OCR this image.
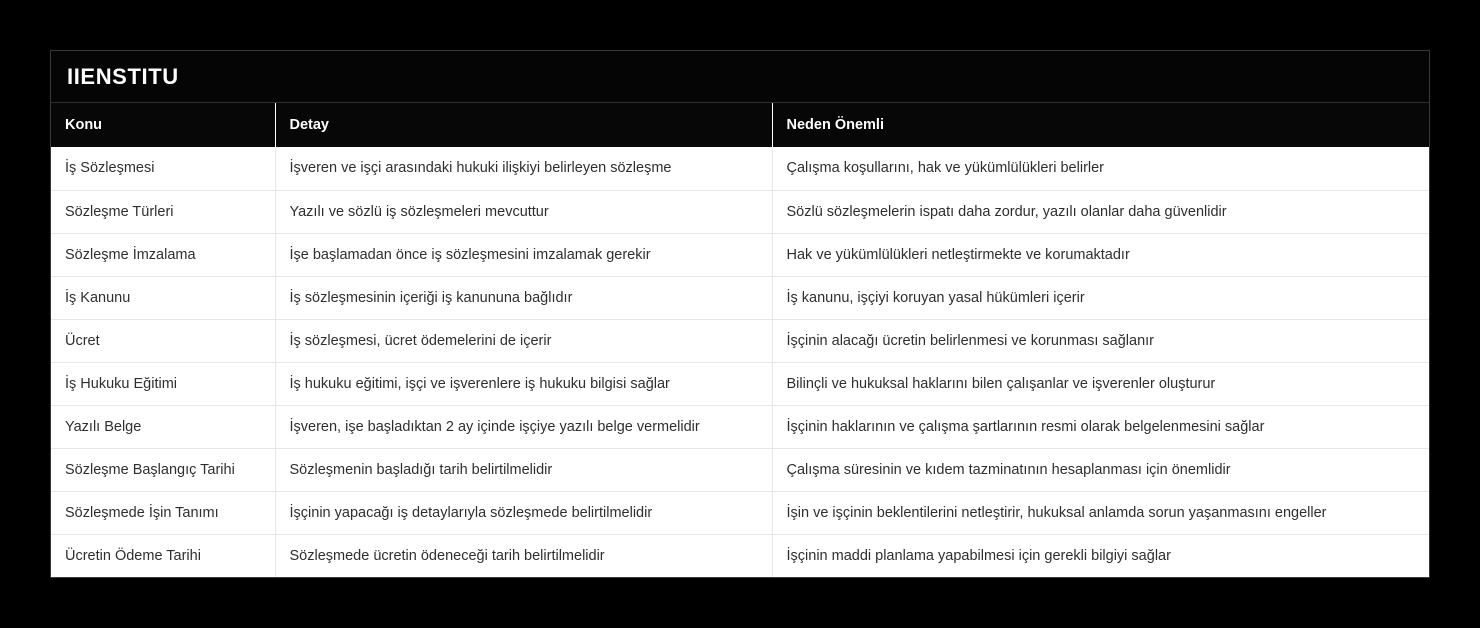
IIENSTITU
Konu	Detay	Neden Önemli
İş Sözleşmesi	İşveren ve işçi arasındaki hukuki ilişkiyi belirleyen sözleşme	Çalışma koşullarını, hak ve yükümlülükleri belirler
Sözleşme Türleri	Yazılı ve sözlü iş sözleşmeleri mevcuttur	Sözlü sözleşmelerin ispatı daha zordur, yazılı olanlar daha güvenlidir
Sözleşme İmzalama	İşe başlamadan önce iş sözleşmesini imzalamak gerekir	Hak ve yükümlülükleri netleştirmekte ve korumaktadır
İş Kanunu	İş sözleşmesinin içeriği iş kanununa bağlıdır	İş kanunu, işçiyi koruyan yasal hükümleri içerir
Ücret	İş sözleşmesi, ücret ödemelerini de içerir	İşçinin alacağı ücretin belirlenmesi ve korunması sağlanır
İş Hukuku Eğitimi	İş hukuku eğitimi, işçi ve işverenlere iş hukuku bilgisi sağlar	Bilinçli ve hukuksal haklarını bilen çalışanlar ve işverenler oluşturur
Yazılı Belge	İşveren, işe başladıktan 2 ay içinde işçiye yazılı belge vermelidir	İşçinin haklarının ve çalışma şartlarının resmi olarak belgelenmesini sağlar
Sözleşme Başlangıç Tarihi	Sözleşmenin başladığı tarih belirtilmelidir	Çalışma süresinin ve kıdem tazminatının hesaplanması için önemlidir
Sözleşmede İşin Tanımı	İşçinin yapacağı iş detaylarıyla sözleşmede belirtilmelidir	İşin ve işçinin beklentilerini netleştirir, hukuksal anlamda sorun yaşanmasını engeller
Ücretin Ödeme Tarihi	Sözleşmede ücretin ödeneceği tarih belirtilmelidir	İşçinin maddi planlama yapabilmesi için gerekli bilgiyi sağlar
